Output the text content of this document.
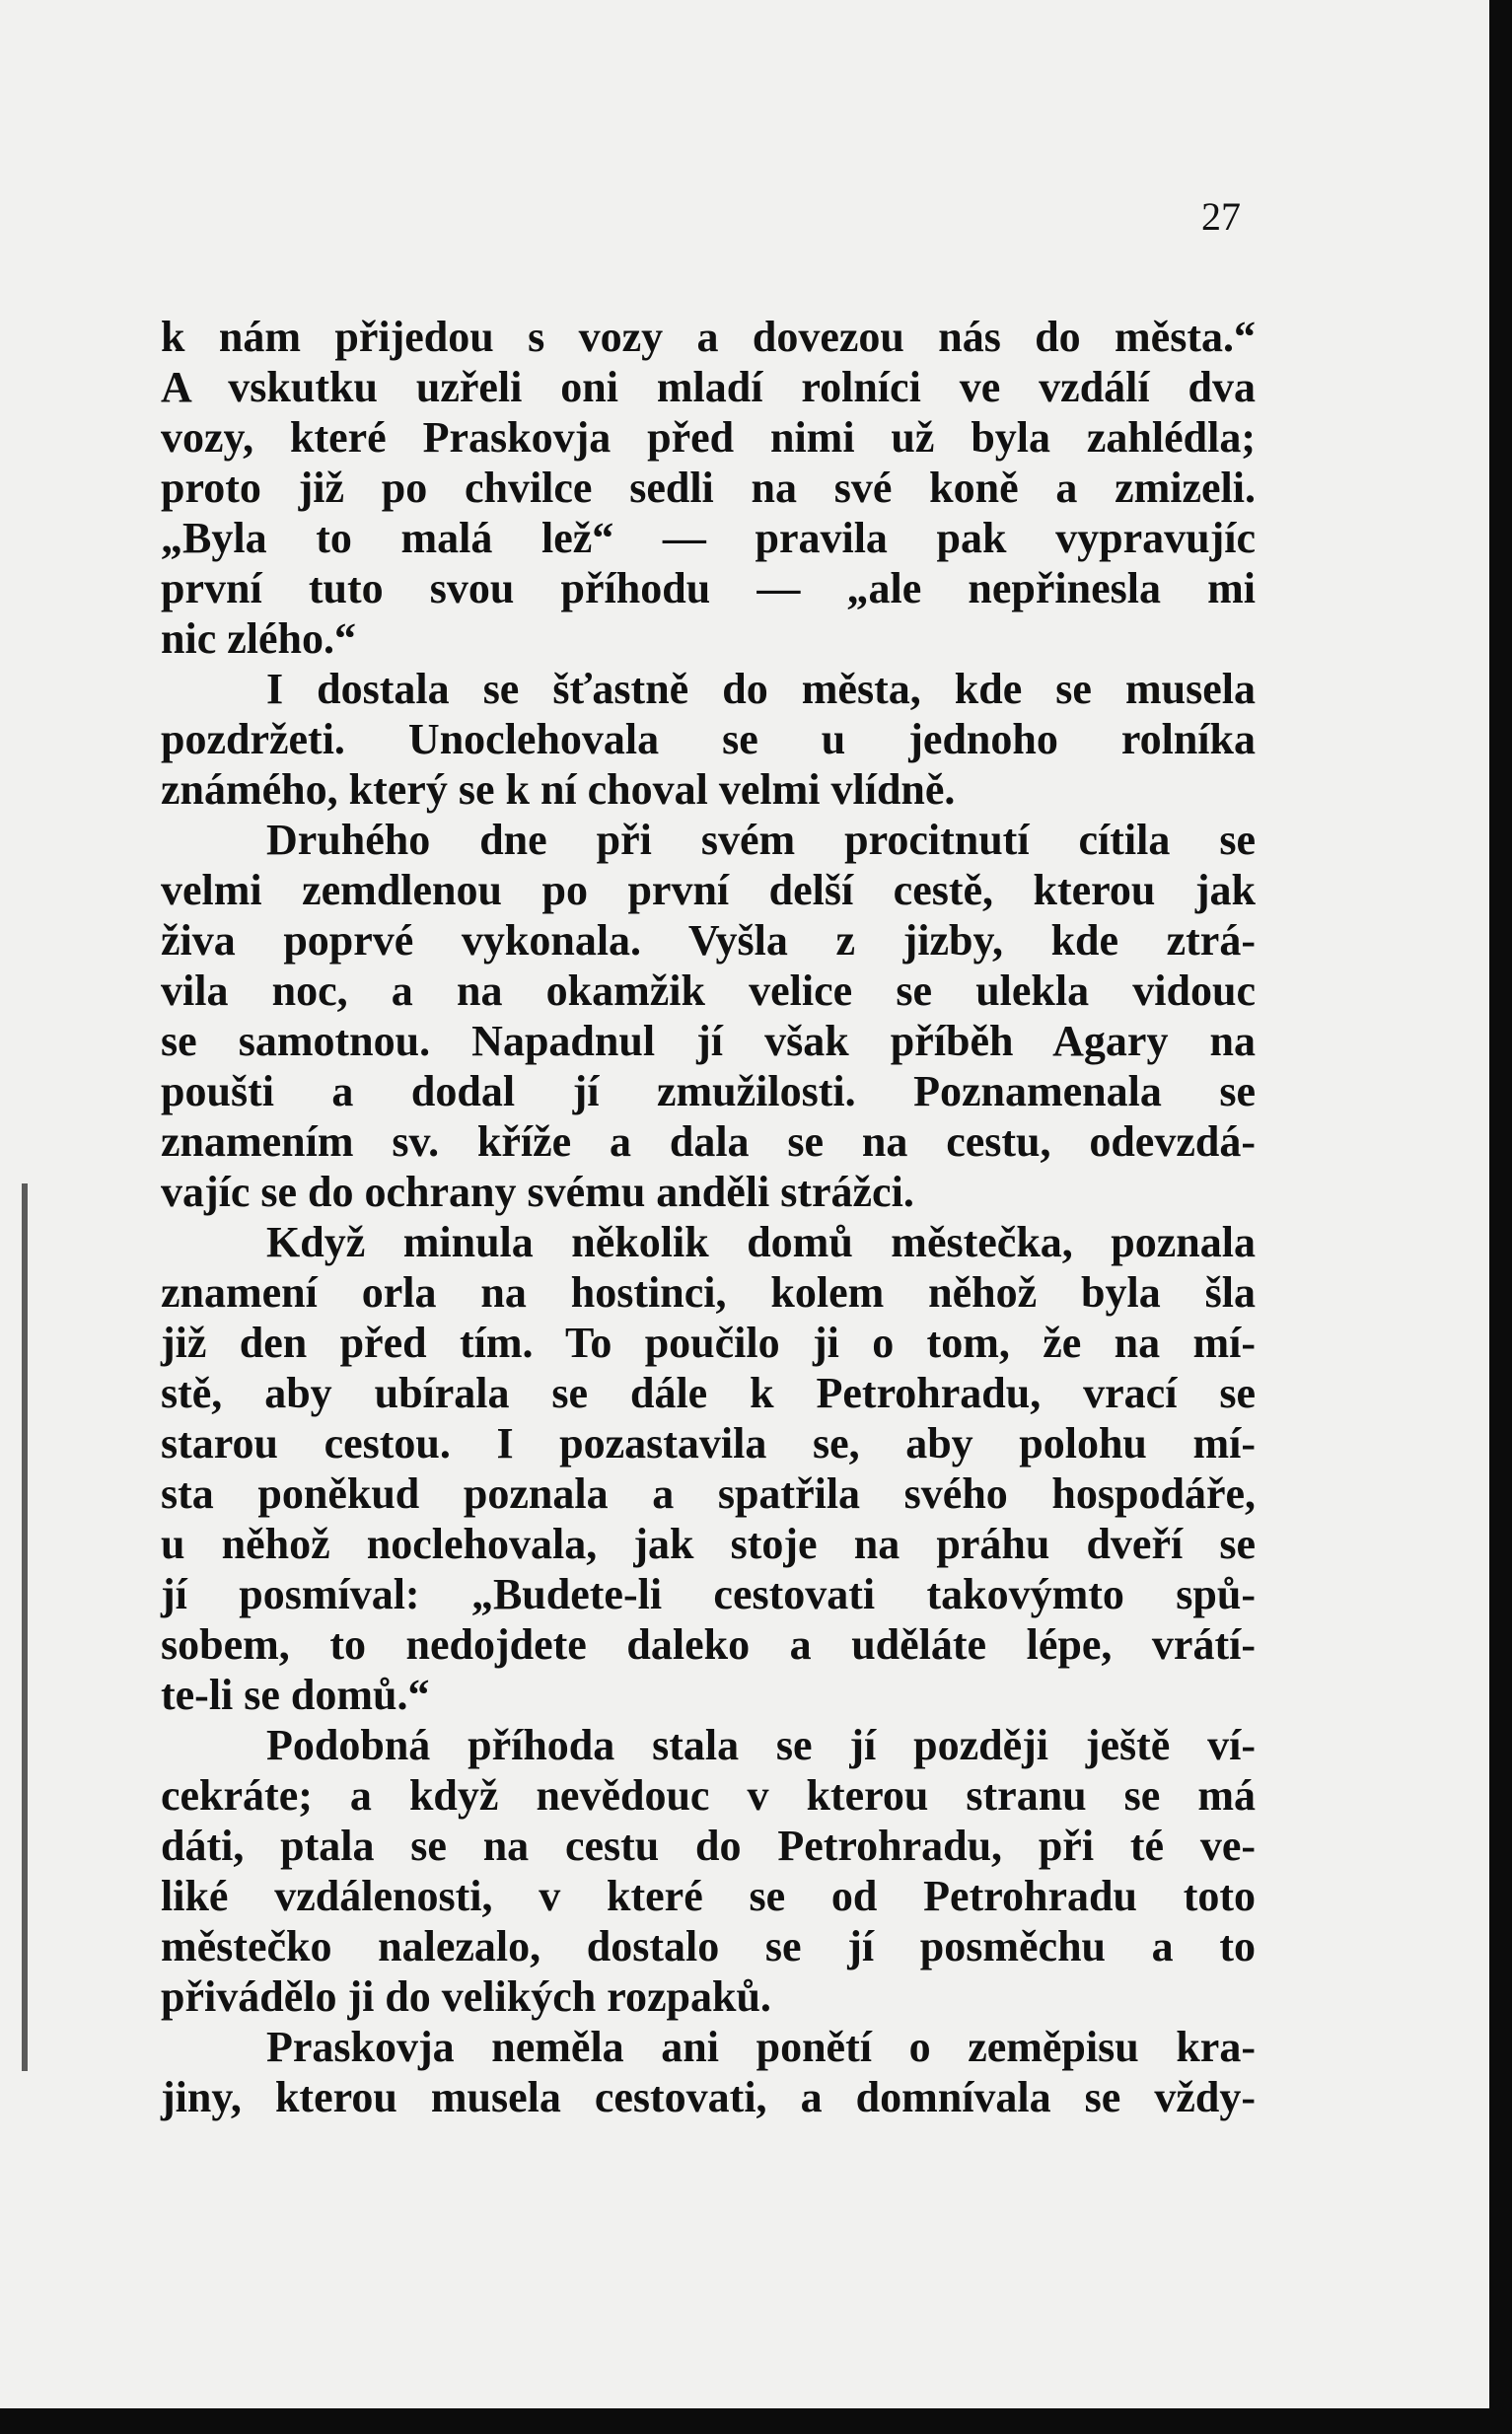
27
k nám přijedou s vozy a dovezou nás do města.“
A vskutku uzřeli oni mladí rolníci ve vzdálí dva
vozy, které Praskovja před nimi už byla zahlédla;
proto již po chvilce sedli na své koně a zmizeli.
„Byla to malá lež“ — pravila pak vypravujíc
první tuto svou příhodu — „ale nepřinesla mi
nic zlého.“
I dostala se šťastně do města, kde se musela
pozdržeti. Unoclehovala se u jednoho rolníka
známého, který se k ní choval velmi vlídně.
Druhého dne při svém procitnutí cítila se
velmi zemdlenou po první delší cestě, kterou jak
živa poprvé vykonala. Vyšla z jizby, kde ztrá-
vila noc, a na okamžik velice se ulekla vidouc
se samotnou. Napadnul jí však příběh Agary na
poušti a dodal jí zmužilosti. Poznamenala se
znamením sv. kříže a dala se na cestu, odevzdá-
vajíc se do ochrany svému anděli strážci.
Když minula několik domů městečka, poznala
znamení orla na hostinci, kolem něhož byla šla
již den před tím. To poučilo ji o tom, že na mí-
stě, aby ubírala se dále k Petrohradu, vrací se
starou cestou. I pozastavila se, aby polohu mí-
sta poněkud poznala a spatřila svého hospodáře,
u něhož noclehovala, jak stoje na práhu dveří se
jí posmíval: „Budete-li cestovati takovýmto spů-
sobem, to nedojdete daleko a uděláte lépe, vrátí-
te-li se domů.“
Podobná příhoda stala se jí později ještě ví-
cekráte; a když nevědouc v kterou stranu se má
dáti, ptala se na cestu do Petrohradu, při té ve-
liké vzdálenosti, v které se od Petrohradu toto
městečko nalezalo, dostalo se jí posměchu a to
přivádělo ji do velikých rozpaků.
Praskovja neměla ani ponětí o zeměpisu kra-
jiny, kterou musela cestovati, a domnívala se vždy-
